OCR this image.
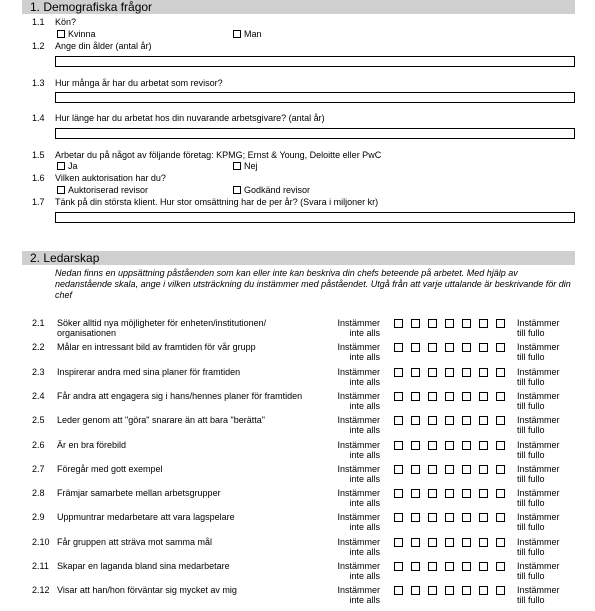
1. Demografiska frågor
1.1 Kön?
Kvinna	Man
1.2 Ange din ålder (antal år)
1.3 Hur många år har du arbetat som revisor?
1.4 Hur länge har du arbetat hos din nuvarande arbetsgivare? (antal år)
1.5 Arbetar du på något av följande företag: KPMG; Ernst & Young, Deloitte eller PwC
Ja	Nej
1.6 Vilken auktorisation har du?
Auktoriserad revisor	Godkänd revisor
1.7 Tänk på din största klient. Hur stor omsättning har de per år? (Svara i miljoner kr)
2. Ledarskap
Nedan finns en uppsättning påståenden som kan eller inte kan beskriva din chefs beteende på arbetet. Med hjälp av nedanstående skala, ange i vilken utsträckning du instämmer med påståendet. Utgå från att varje uttalande är beskrivande för din chef
2.1 Söker alltid nya möjligheter för enheten/institutionen/ organisationen
Instämmer
inte alls
Instämmer
till fullo
2.2 Målar en intressant bild av framtiden för vår grupp	Instämmer
inte alls
Instämmer
till fullo
2.3 Inspirerar andra med sina planer för framtiden	Instämmer
inte alls
Instämmer
till fullo
2.4 Får andra att engagera sig i hans/hennes planer för framtiden	Instämmer
inte alls
Instämmer
till fullo
2.5 Leder genom att "göra" snarare än att bara "berätta"	Instämmer
inte alls
Instämmer
till fullo
2.6 Är en bra förebild	Instämmer
inte alls
Instämmer
till fullo
2.7 Föregår med gott exempel	Instämmer
inte alls
Instämmer
till fullo
2.8 Främjar samarbete mellan arbetsgrupper	Instämmer
inte alls
Instämmer
till fullo
2.9 Uppmuntrar medarbetare att vara lagspelare	Instämmer
inte alls
Instämmer
till fullo
2.10 Får gruppen att sträva mot samma mål	Instämmer
inte alls
Instämmer
till fullo
2.11 Skapar en laganda bland sina medarbetare	Instämmer
inte alls
Instämmer
till fullo
2.12 Visar att han/hon förväntar sig mycket av mig	Instämmer
inte alls
Instämmer
till fullo
